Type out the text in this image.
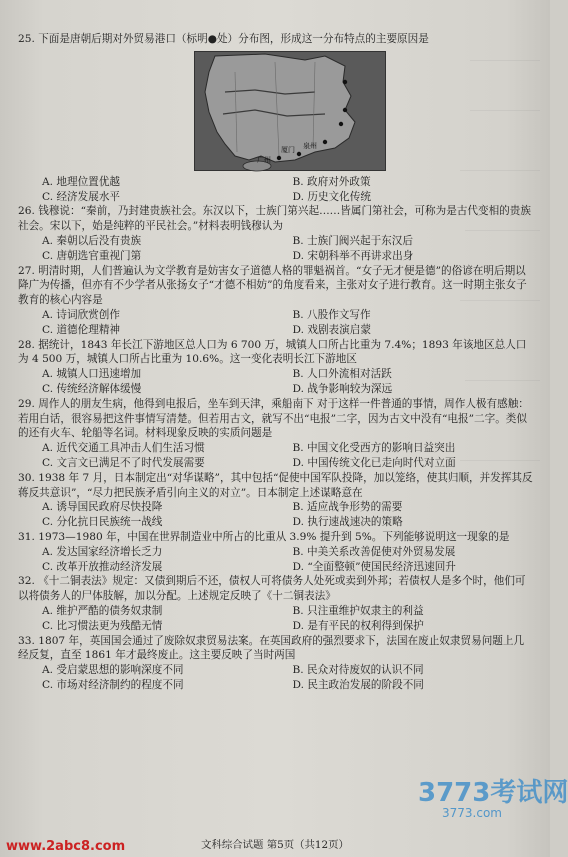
25. 下面是唐朝后期对外贸易港口（标明●处）分布图，形成这一分布特点的主要原因是

泉州
厦门
广州
A. 地理位置优越	B. 政府对外政策
C. 经济发展水平	D. 历史文化传统

26. 钱穆说：“秦前，乃封建贵族社会。东汉以下，士族门第兴起……皆属门第社会，可称为是古代变相的贵族社会。宋以下，始是纯粹的平民社会。”材料表明钱穆认为

A. 秦朝以后没有贵族	B. 士族门阀兴起于东汉后
C. 唐朝选官重视门第	D. 宋朝科举不再讲求出身

27. 明清时期，人们普遍认为文学教育是妨害女子道德人格的罪魁祸首。“女子无才便是德”的俗谚在明后期以降广为传播，但亦有不少学者从张扬女子“才德不相妨”的角度看来，主张对女子进行教育。这一时期主张女子教育的核心内容是

A. 诗词欣赏创作	B. 八股作文写作
C. 道德伦理精神	D. 戏剧表演启蒙

28. 据统计，1843 年长江下游地区总人口为 6 700 万，城镇人口所占比重为 7.4%；1893 年该地区总人口为 4 500 万，城镇人口所占比重为 10.6%。这一变化表明长江下游地区

A. 城镇人口迅速增加	B. 人口外流相对活跃
C. 传统经济解体缓慢	D. 战争影响较为深远

29. 周作人的朋友生病，他得到电报后，坐车到天津，乘船南下 对于这样一件普通的事情，周作人极有感触：若用白话，很容易把这件事情写清楚。但若用古文，就写不出“电报”二字，因为古文中没有“电报”二字。类似的还有火车、轮船等名词。材料现象反映的实质问题是

A. 近代交通工具冲击人们生活习惯	B. 中国文化受西方的影响日益突出
C. 文言文已满足不了时代发展需要	D. 中国传统文化已走向时代对立面

30. 1938 年 7 月，日本制定出“对华谋略”，其中包括“促使中国军队投降，加以笼络，使其归顺，并发挥其反蒋反共意识”，“尽力把民族矛盾引向主义的对立”。日本制定上述谋略意在

A. 诱导国民政府尽快投降	B. 适应战争形势的需要
C. 分化抗日民族统一战线	D. 执行速战速决的策略

31. 1973—1980 年，中国在世界制造业中所占的比重从 3.9% 提升到 5%。下列能够说明这一现象的是

A. 发达国家经济增长乏力	B. 中美关系改善促使对外贸易发展
C. 改革开放推动经济发展	D. “全面整顿”使国民经济迅速回升

32. 《十二铜表法》规定：又债到期后不还，债权人可将债务人处死或卖到外邦；若债权人是多个时，他们可以将债务人的尸体肢解，加以分配。上述规定反映了《十二铜表法》

A. 维护严酷的债务奴隶制	B. 只注重维护奴隶主的利益
C. 比习惯法更为残酷无情	D. 是有平民的权利得到保护

33. 1807 年，英国国会通过了废除奴隶贸易法案。在英国政府的强烈要求下，法国在废止奴隶贸易问题上几经反复，直至 1861 年才最终废止。这主要反映了当时两国

A. 受启蒙思想的影响深度不同	B. 民众对待废奴的认识不同
C. 市场对经济制约的程度不同	D. 民主政治发展的阶段不同
文科综合试题 第5页（共12页）
www.2abc8.com
3773考试网
3773.com
